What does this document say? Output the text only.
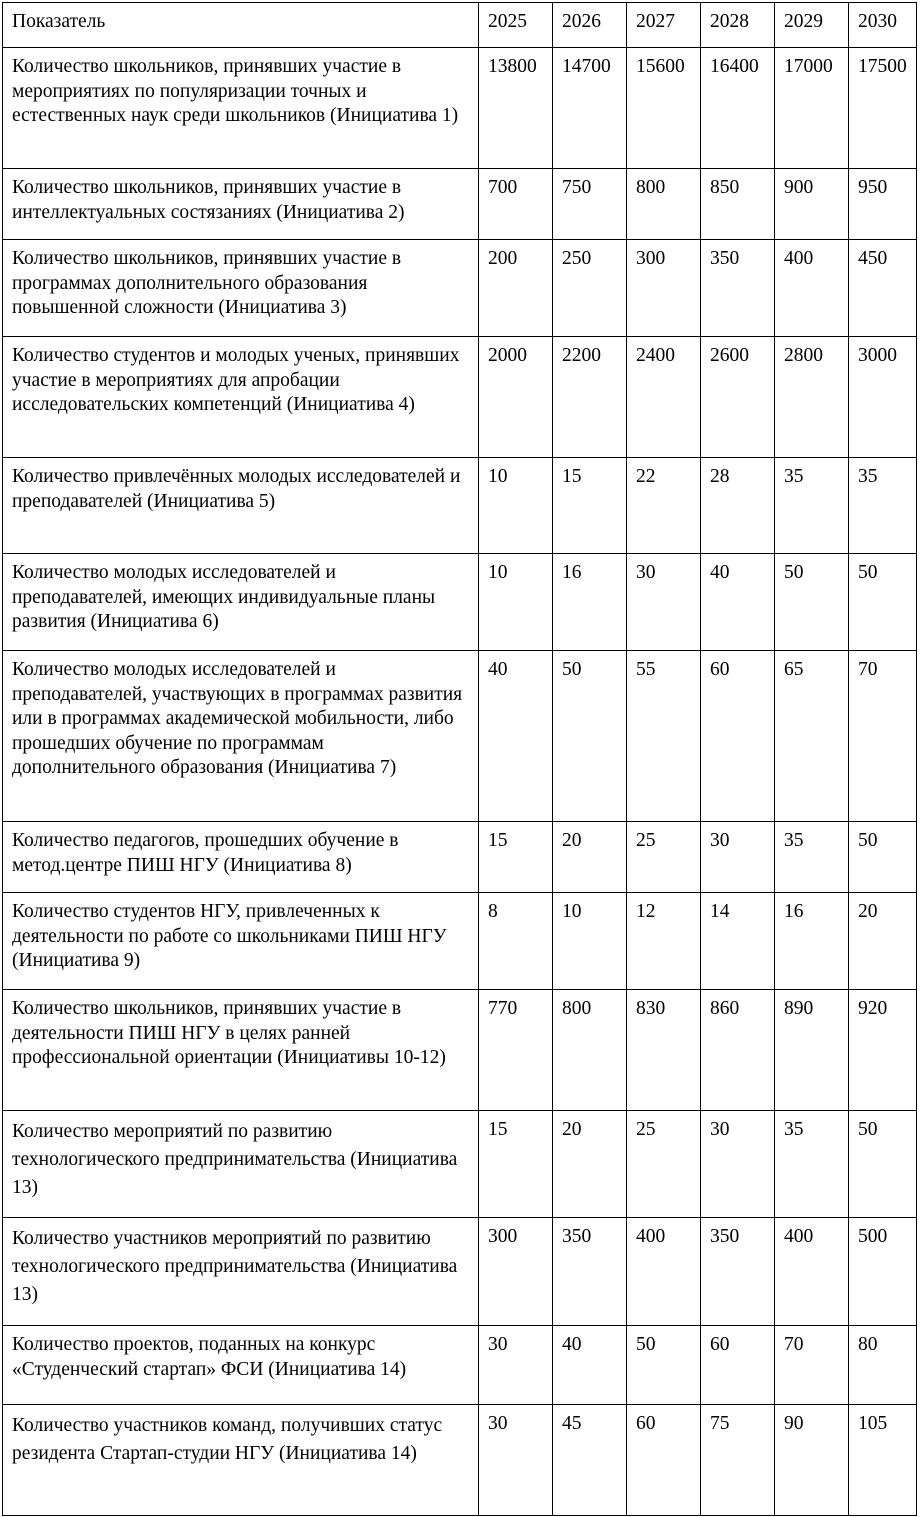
Показатель	2025	2026	2027	2028	2029	2030
Количество школьников, принявших участие в мероприятиях по популяризации точных и естественных наук среди школьников (Инициатива 1)	13800	14700	15600	16400	17000	17500
Количество школьников, принявших участие в интеллектуальных состязаниях (Инициатива 2)	700	750	800	850	900	950
Количество школьников, принявших участие в программах дополнительного образования повышенной сложности (Инициатива 3)	200	250	300	350	400	450
Количество студентов и молодых ученых, принявших участие в мероприятиях для апробации исследовательских компетенций (Инициатива 4)	2000	2200	2400	2600	2800	3000
Количество привлечённых молодых исследователей и преподавателей (Инициатива 5)	10	15	22	28	35	35
Количество молодых исследователей и преподавателей, имеющих индивидуальные планы развития (Инициатива 6)	10	16	30	40	50	50
Количество молодых исследователей и преподавателей, участвующих в программах развития или в программах академической мобильности, либо прошедших обучение по программам дополнительного образования (Инициатива 7)	40	50	55	60	65	70
Количество педагогов, прошедших обучение в метод.центре ПИШ НГУ (Инициатива 8)	15	20	25	30	35	50
Количество студентов НГУ, привлеченных к деятельности по работе со школьниками ПИШ НГУ (Инициатива 9)	8	10	12	14	16	20
Количество школьников, принявших участие в деятельности ПИШ НГУ в целях ранней профессиональной ориентации (Инициативы 10-12)	770	800	830	860	890	920
Количество мероприятий по развитию технологического предпринимательства (Инициатива 13)	15	20	25	30	35	50
Количество участников мероприятий по развитию технологического предпринимательства (Инициатива 13)	300	350	400	350	400	500
Количество проектов, поданных на конкурс «Студенческий стартап» ФСИ (Инициатива 14)	30	40	50	60	70	80
Количество участников команд, получивших статус резидента Стартап-студии НГУ (Инициатива 14)	30	45	60	75	90	105
